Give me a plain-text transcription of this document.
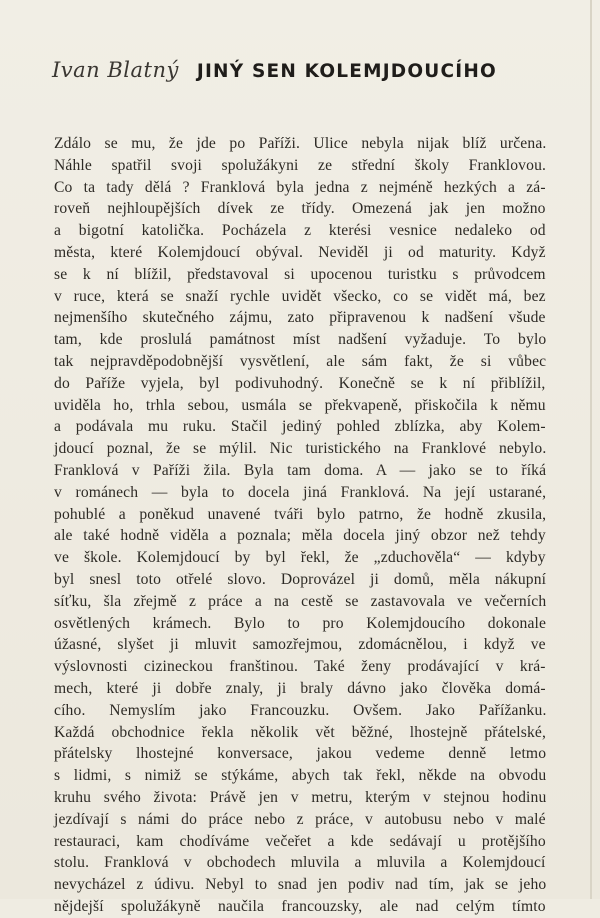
Ivan Blatný JINÝ SEN KOLEMJDOUCÍHO
Zdálo se mu, že jde po Paříži. Ulice nebyla nijak blíž určena.
Náhle spatřil svoji spolužákyni ze střední školy Franklovou.
Co ta tady dělá ? Franklová byla jedna z nejméně hezkých a zá-
roveň nejhloupějších dívek ze třídy. Omezená jak jen možno
a bigotní katolička. Pocházela z kterési vesnice nedaleko od
města, které Kolemjdoucí obýval. Neviděl ji od maturity. Když
se k ní blížil, představoval si upocenou turistku s průvodcem
v ruce, která se snaží rychle uvidět všecko, co se vidět má, bez
nejmenšího skutečného zájmu, zato připravenou k nadšení všude
tam, kde proslulá památnost míst nadšení vyžaduje. To bylo
tak nejpravděpodobnější vysvětlení, ale sám fakt, že si vůbec
do Paříže vyjela, byl podivuhodný. Konečně se k ní přiblížil,
uviděla ho, trhla sebou, usmála se překvapeně, přiskočila k němu
a podávala mu ruku. Stačil jediný pohled zblízka, aby Kolem-
jdoucí poznal, že se mýlil. Nic turistického na Franklové nebylo.
Franklová v Paříži žila. Byla tam doma. A — jako se to říká
v románech — byla to docela jiná Franklová. Na její ustarané,
pohublé a poněkud unavené tváři bylo patrno, že hodně zkusila,
ale také hodně viděla a poznala; měla docela jiný obzor než tehdy
ve škole. Kolemjdoucí by byl řekl, že „zduchověla“ — kdyby
byl snesl toto otřelé slovo. Doprovázel ji domů, měla nákupní
síťku, šla zřejmě z práce a na cestě se zastavovala ve večerních
osvětlených krámech. Bylo to pro Kolemjdoucího dokonale
úžasné, slyšet ji mluvit samozřejmou, zdomácnělou, i když ve
výslovnosti cizineckou franštinou. Také ženy prodávající v krá-
mech, které ji dobře znaly, ji braly dávno jako člověka domá-
cího. Nemyslím jako Francouzku. Ovšem. Jako Pařížanku.
Každá obchodnice řekla několik vět běžné, lhostejně přátelské,
přátelsky lhostejné konversace, jakou vedeme denně letmo
s lidmi, s nimiž se stýkáme, abych tak řekl, někde na obvodu
kruhu svého života: Právě jen v metru, kterým v stejnou hodinu
jezdívají s námi do práce nebo z práce, v autobusu nebo v malé
restauraci, kam chodíváme večeřet a kde sedávají u protějšího
stolu. Franklová v obchodech mluvila a mluvila a Kolemjdoucí
nevycházel z údivu. Nebyl to snad jen podiv nad tím, jak se jeho
nějdejší spolužákyně naučila francouzsky, ale nad celým tímto
